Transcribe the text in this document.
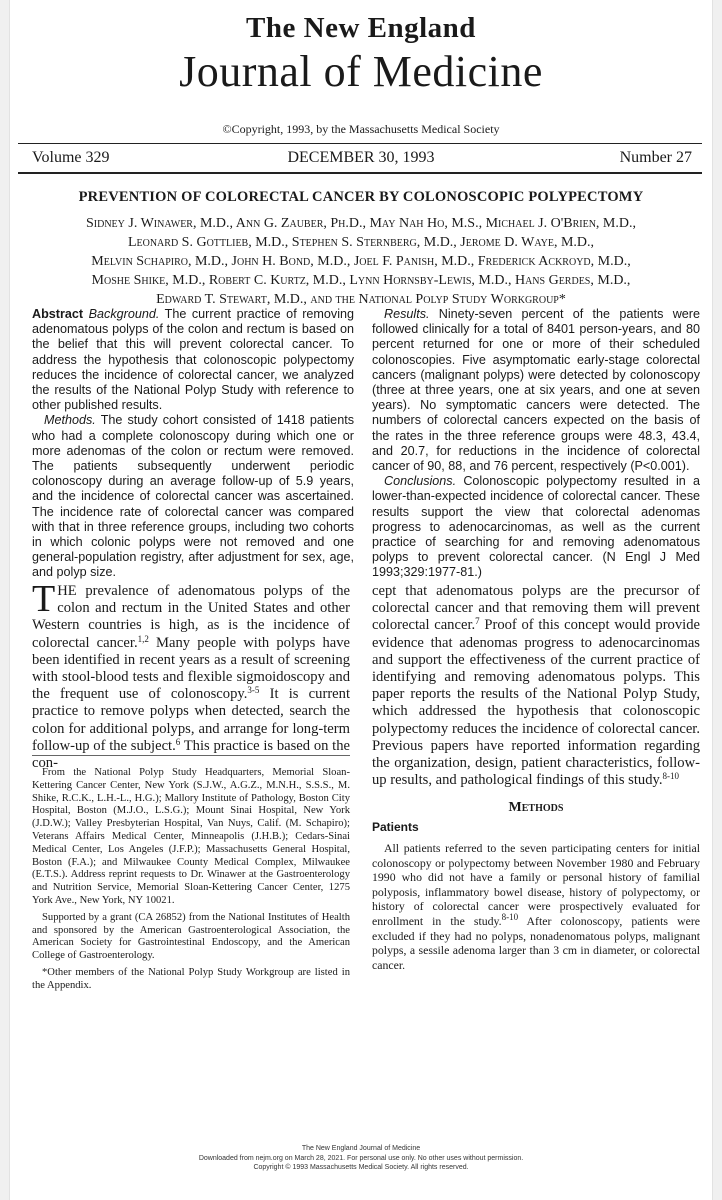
The New England
Journal of Medicine
©Copyright, 1993, by the Massachusetts Medical Society
Volume 329	DECEMBER 30, 1993	Number 27
PREVENTION OF COLORECTAL CANCER BY COLONOSCOPIC POLYPECTOMY
Sidney J. Winawer, M.D., Ann G. Zauber, Ph.D., May Nah Ho, M.S., Michael J. O'Brien, M.D.,
Leonard S. Gottlieb, M.D., Stephen S. Sternberg, M.D., Jerome D. Waye, M.D.,
Melvin Schapiro, M.D., John H. Bond, M.D., Joel F. Panish, M.D., Frederick Ackroyd, M.D.,
Moshe Shike, M.D., Robert C. Kurtz, M.D., Lynn Hornsby-Lewis, M.D., Hans Gerdes, M.D.,
Edward T. Stewart, M.D., and the National Polyp Study Workgroup*

Abstract Background. The current practice of removing adenomatous polyps of the colon and rectum is based on the belief that this will prevent colorectal cancer. To address the hypothesis that colonoscopic polypectomy reduces the incidence of colorectal cancer, we analyzed the results of the National Polyp Study with reference to other published results.

Methods. The study cohort consisted of 1418 patients who had a complete colonoscopy during which one or more adenomas of the colon or rectum were removed. The patients subsequently underwent periodic colonoscopy during an average follow-up of 5.9 years, and the incidence of colorectal cancer was ascertained. The incidence rate of colorectal cancer was compared with that in three reference groups, including two cohorts in which colonic polyps were not removed and one general-population registry, after adjustment for sex, age, and polyp size.

Results. Ninety-seven percent of the patients were followed clinically for a total of 8401 person-years, and 80 percent returned for one or more of their scheduled colonoscopies. Five asymptomatic early-stage colorectal cancers (malignant polyps) were detected by colonoscopy (three at three years, one at six years, and one at seven years). No symptomatic cancers were detected. The numbers of colorectal cancers expected on the basis of the rates in the three reference groups were 48.3, 43.4, and 20.7, for reductions in the incidence of colorectal cancer of 90, 88, and 76 percent, respectively (P<0.001).

Conclusions. Colonoscopic polypectomy resulted in a lower-than-expected incidence of colorectal cancer. These results support the view that colorectal adenomas progress to adenocarcinomas, as well as the current practice of searching for and removing adenomatous polyps to prevent colorectal cancer. (N Engl J Med 1993;329:1977-81.)

THE prevalence of adenomatous polyps of the colon and rectum in the United States and other Western countries is high, as is the incidence of colorectal cancer.$^{1,2}$ Many people with polyps have been identified in recent years as a result of screening with stool-blood tests and flexible sigmoidoscopy and the frequent use of colonoscopy.$^{3-5}$ It is current practice to remove polyps when detected, search the colon for additional polyps, and arrange for long-term follow-up of the subject.$^6$ This practice is based on the con-

From the National Polyp Study Headquarters, Memorial Sloan-Kettering Cancer Center, New York (S.J.W., A.G.Z., M.N.H., S.S.S., M. Shike, R.C.K., L.H.-L., H.G.); Mallory Institute of Pathology, Boston City Hospital, Boston (M.J.O., L.S.G.); Mount Sinai Hospital, New York (J.D.W.); Valley Presbyterian Hospital, Van Nuys, Calif. (M. Schapiro); Veterans Affairs Medical Center, Minneapolis (J.H.B.); Cedars-Sinai Medical Center, Los Angeles (J.F.P.); Massachusetts General Hospital, Boston (F.A.); and Milwaukee County Medical Complex, Milwaukee (E.T.S.). Address reprint requests to Dr. Winawer at the Gastroenterology and Nutrition Service, Memorial Sloan-Kettering Cancer Center, 1275 York Ave., New York, NY 10021.

Supported by a grant (CA 26852) from the National Institutes of Health and sponsored by the American Gastroenterological Association, the American Society for Gastrointestinal Endoscopy, and the American College of Gastroenterology.

*Other members of the National Polyp Study Workgroup are listed in the Appendix.

cept that adenomatous polyps are the precursor of colorectal cancer and that removing them will prevent colorectal cancer.$^7$ Proof of this concept would provide evidence that adenomas progress to adenocarcinomas and support the effectiveness of the current practice of identifying and removing adenomatous polyps. This paper reports the results of the National Polyp Study, which addressed the hypothesis that colonoscopic polypectomy reduces the incidence of colorectal cancer. Previous papers have reported information regarding the organization, design, patient characteristics, follow-up results, and pathological findings of this study.$^{8-10}$

Methods
Patients

All patients referred to the seven participating centers for initial colonoscopy or polypectomy between November 1980 and February 1990 who did not have a family or personal history of familial polyposis, inflammatory bowel disease, history of polypectomy, or history of colorectal cancer were prospectively evaluated for enrollment in the study.$^{8-10}$ After colonoscopy, patients were excluded if they had no polyps, nonadenomatous polyps, malignant polyps, a sessile adenoma larger than 3 cm in diameter, or colorectal cancer.

The New England Journal of Medicine
Downloaded from nejm.org on March 28, 2021. For personal use only. No other uses without permission.
Copyright © 1993 Massachusetts Medical Society. All rights reserved.
